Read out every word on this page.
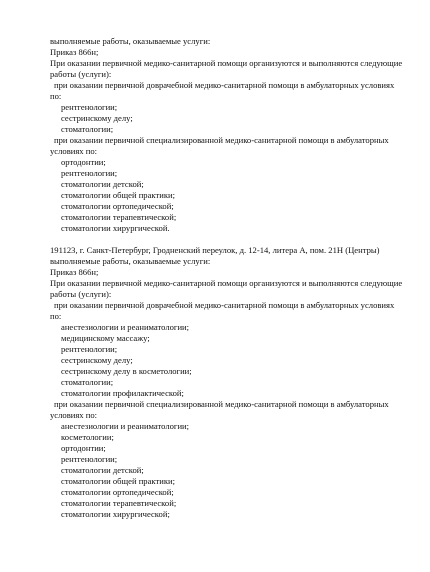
выполняемые работы, оказываемые услуги:
Приказ 866н;
При оказании первичной медико-санитарной помощи организуются и выполняются следующие
работы (услуги):
при оказании первичной доврачебной медико-санитарной помощи в амбулаторных условиях
по:
рентгенологии;
сестринскому делу;
стоматологии;
при оказании первичной специализированной медико-санитарной помощи в амбулаторных
условиях по:
ортодонтии;
рентгенологии;
стоматологии детской;
стоматологии общей практики;
стоматологии ортопедической;
стоматологии терапевтической;
стоматологии хирургической.
191123, г. Санкт-Петербург, Гродненский переулок, д. 12-14, литера А, пом. 21Н (Центры)
выполняемые работы, оказываемые услуги:
Приказ 866н;
При оказании первичной медико-санитарной помощи организуются и выполняются следующие
работы (услуги):
при оказании первичной доврачебной медико-санитарной помощи в амбулаторных условиях
по:
анестезиологии и реаниматологии;
медицинскому массажу;
рентгенологии;
сестринскому делу;
сестринскому делу в косметологии;
стоматологии;
стоматологии профилактической;
при оказании первичной специализированной медико-санитарной помощи в амбулаторных
условиях по:
анестезиологии и реаниматологии;
косметологии;
ортодонтии;
рентгенологии;
стоматологии детской;
стоматологии общей практики;
стоматологии ортопедической;
стоматологии терапевтической;
стоматологии хирургической;
